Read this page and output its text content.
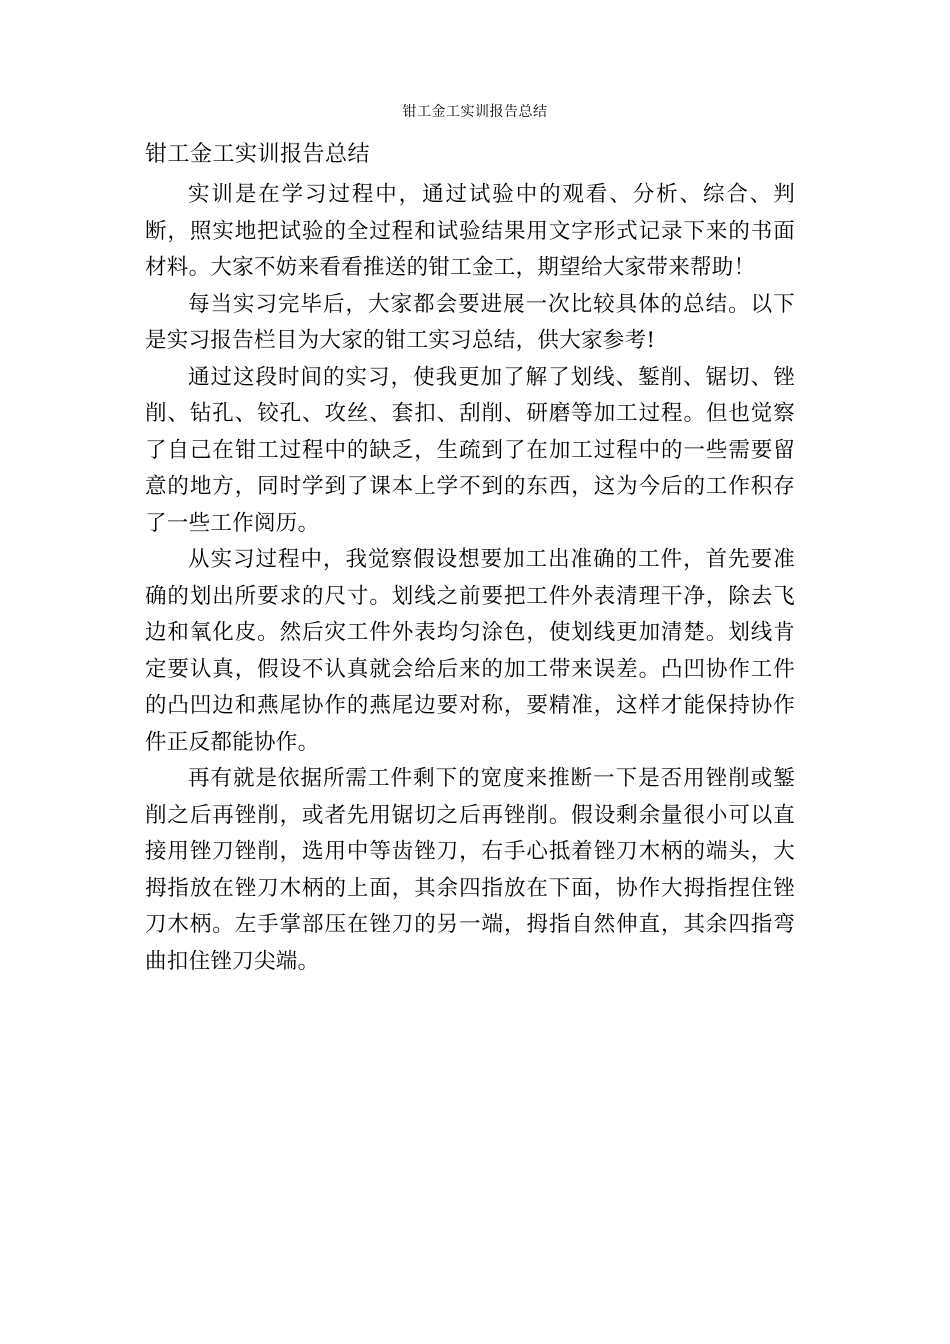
钳工金工实训报告总结
钳工金工实训报告总结

实训是在学习过程中，通过试验中的观看、分析、综合、判断，照实地把试验的全过程和试验结果用文字形式记录下来的书面材料。大家不妨来看看推送的钳工金工，期望给大家带来帮助！

每当实习完毕后，大家都会要进展一次比较具体的总结。以下是实习报告栏目为大家的钳工实习总结，供大家参考!

通过这段时间的实习，使我更加了解了划线、錾削、锯切、锉削、钻孔、铰孔、攻丝、套扣、刮削、研磨等加工过程。但也觉察了自己在钳工过程中的缺乏，生疏到了在加工过程中的一些需要留意的地方，同时学到了课本上学不到的东西，这为今后的工作积存了一些工作阅历。

从实习过程中，我觉察假设想要加工出准确的工件，首先要准确的划出所要求的尺寸。划线之前要把工件外表清理干净，除去飞边和氧化皮。然后灾工件外表均匀涂色，使划线更加清楚。划线肯定要认真，假设不认真就会给后来的加工带来误差。凸凹协作工件的凸凹边和燕尾协作的燕尾边要对称，要精准，这样才能保持协作件正反都能协作。

再有就是依据所需工件剩下的宽度来推断一下是否用锉削或錾削之后再锉削，或者先用锯切之后再锉削。假设剩余量很小可以直接用锉刀锉削，选用中等齿锉刀，右手心抵着锉刀木柄的端头，大拇指放在锉刀木柄的上面，其余四指放在下面，协作大拇指捏住锉刀木柄。左手掌部压在锉刀的另一端，拇指自然伸直，其余四指弯曲扣住锉刀尖端。
